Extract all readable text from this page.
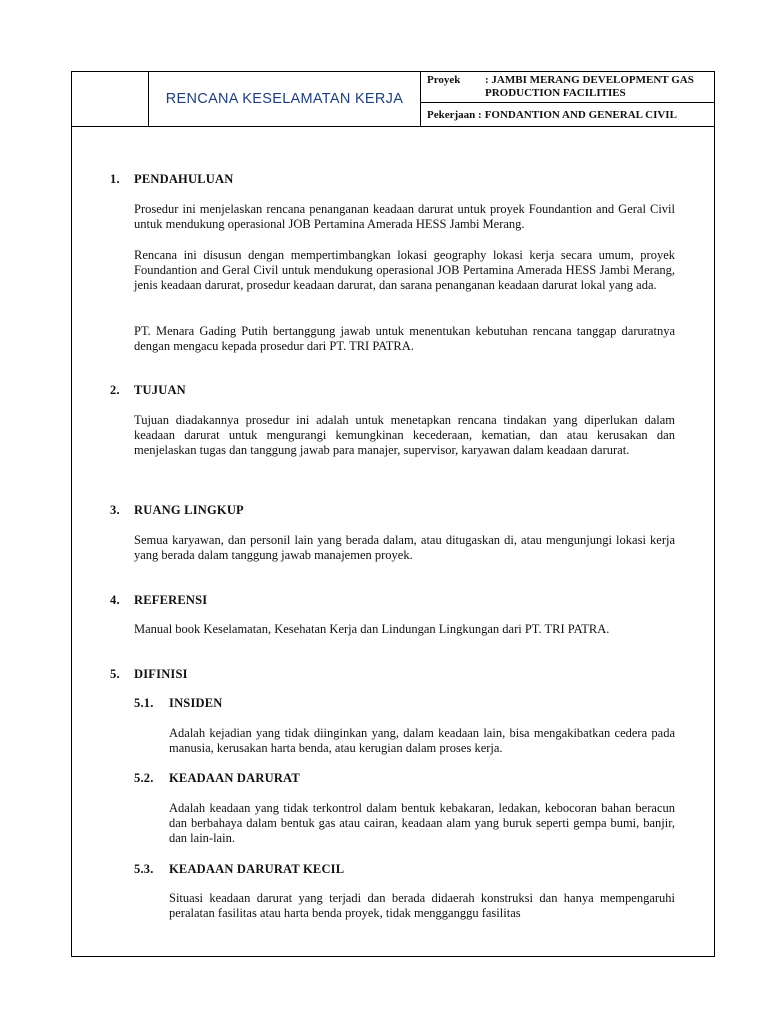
RENCANA KESELAMATAN KERJA
Proyek : JAMBI MERANG DEVELOPMENT GAS PRODUCTION FACILITIES
Pekerjaan : FONDANTION AND GENERAL CIVIL
1. PENDAHULUAN
Prosedur ini menjelaskan rencana penanganan keadaan darurat untuk proyek Foundantion and Geral Civil untuk mendukung operasional JOB Pertamina Amerada HESS Jambi Merang.
Rencana ini disusun dengan mempertimbangkan lokasi geography lokasi kerja secara umum, proyek Foundantion and Geral Civil untuk mendukung operasional JOB Pertamina Amerada HESS Jambi Merang, jenis keadaan darurat, prosedur keadaan darurat, dan sarana penanganan keadaan darurat lokal yang ada.
PT. Menara Gading Putih bertanggung jawab untuk menentukan kebutuhan rencana tanggap daruratnya dengan mengacu kepada prosedur dari PT. TRI PATRA.
2. TUJUAN
Tujuan diadakannya prosedur ini adalah untuk menetapkan rencana tindakan yang diperlukan dalam keadaan darurat untuk mengurangi kemungkinan kecederaan, kematian, dan atau kerusakan dan menjelaskan tugas dan tanggung jawab para manajer, supervisor, karyawan dalam keadaan darurat.
3. RUANG LINGKUP
Semua karyawan, dan personil lain yang berada dalam, atau ditugaskan di, atau mengunjungi lokasi kerja yang berada dalam tanggung jawab manajemen proyek.
4. REFERENSI
Manual book Keselamatan, Kesehatan Kerja dan Lindungan Lingkungan dari PT. TRI PATRA.
5. DIFINISI
5.1. INSIDEN
Adalah kejadian yang tidak diinginkan yang, dalam keadaan lain, bisa mengakibatkan cedera pada manusia, kerusakan harta benda, atau kerugian dalam proses kerja.
5.2. KEADAAN DARURAT
Adalah keadaan yang tidak terkontrol dalam bentuk kebakaran, ledakan, kebocoran bahan beracun dan berbahaya dalam bentuk gas atau cairan, keadaan alam yang buruk seperti gempa bumi, banjir, dan lain-lain.
5.3. KEADAAN DARURAT KECIL
Situasi keadaan darurat yang terjadi dan berada didaerah konstruksi dan hanya mempengaruhi peralatan fasilitas atau harta benda proyek, tidak mengganggu fasilitas
